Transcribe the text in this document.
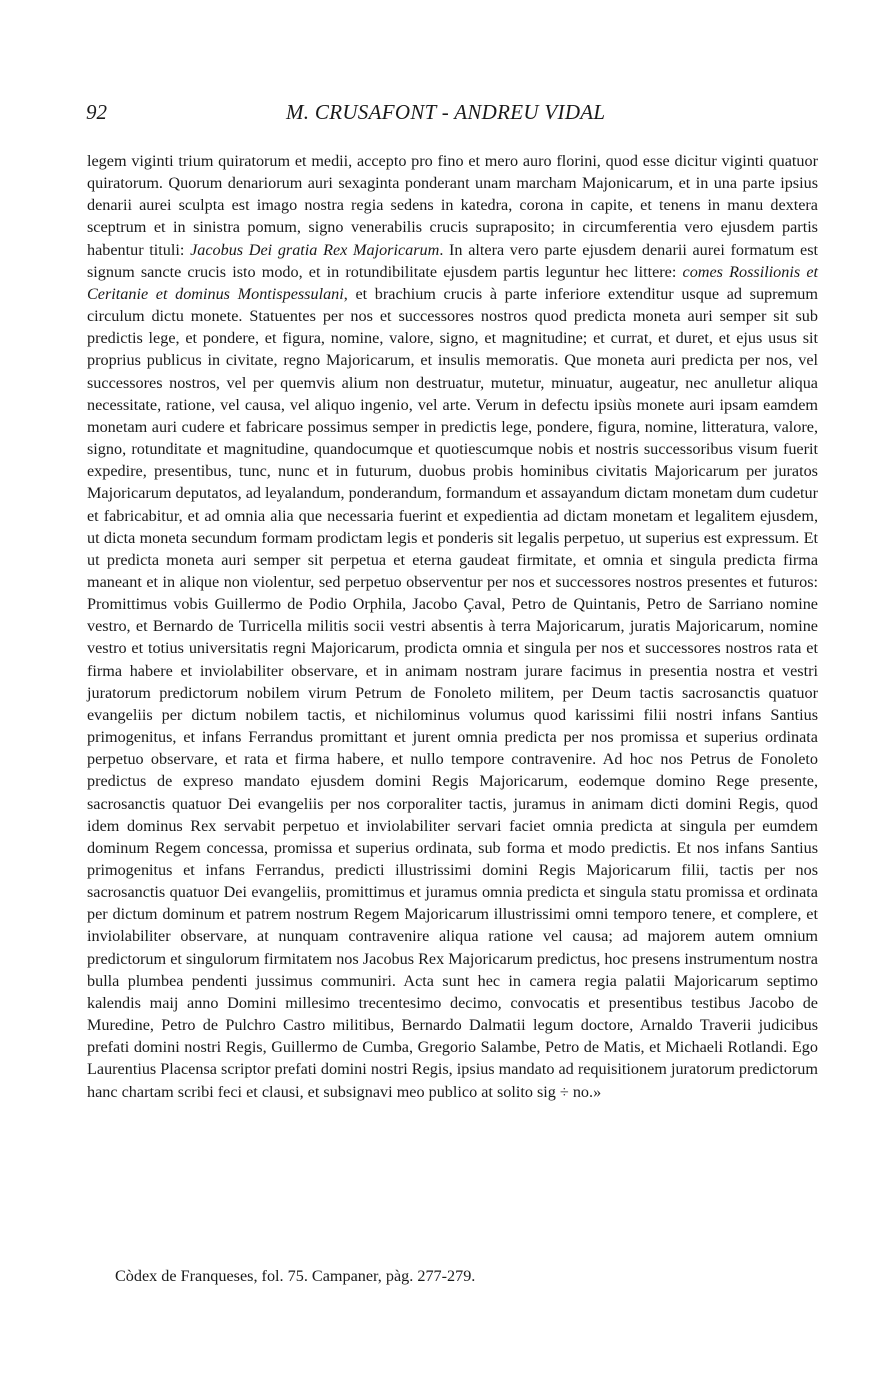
92	M. CRUSAFONT - ANDREU VIDAL

legem viginti trium quiratorum et medii, accepto pro fino et mero auro florini, quod esse dicitur viginti quatuor quiratorum. Quorum denariorum auri sexaginta ponderant unam marcham Majonicarum, et in una parte ipsius denarii aurei sculpta est imago nostra regia sedens in katedra, corona in capite, et tenens in manu dextera sceptrum et in sinistra pomum, signo venerabilis crucis supraposito; in circumferentia vero ejusdem partis habentur tituli: Jacobus Dei gratia Rex Majoricarum. In altera vero parte ejusdem denarii aurei formatum est signum sancte crucis isto modo, et in rotundibilitate ejusdem partis leguntur hec littere: comes Rossilionis et Ceritanie et dominus Montispessulani, et brachium crucis à parte inferiore extenditur usque ad supremum circulum dictu monete. Statuentes per nos et successores nostros quod predicta moneta auri semper sit sub predictis lege, et pondere, et figura, nomine, valore, signo, et magnitudine; et currat, et duret, et ejus usus sit proprius publicus in civitate, regno Majoricarum, et insulis memoratis. Que moneta auri predicta per nos, vel successores nostros, vel per quemvis alium non destruatur, mutetur, minuatur, augeatur, nec anulletur aliqua necessitate, ratione, vel causa, vel aliquo ingenio, vel arte. Verum in defectu ipsiùs monete auri ipsam eamdem monetam auri cudere et fabricare possimus semper in predictis lege, pondere, figura, nomine, litteratura, valore, signo, rotunditate et magnitudine, quandocumque et quotiescumque nobis et nostris successoribus visum fuerit expedire, presentibus, tunc, nunc et in futurum, duobus probis hominibus civitatis Majoricarum per juratos Majoricarum deputatos, ad leyalandum, ponderandum, formandum et assayandum dictam monetam dum cudetur et fabricabitur, et ad omnia alia que necessaria fuerint et expedientia ad dictam monetam et legalitem ejusdem, ut dicta moneta secundum formam prodictam legis et ponderis sit legalis perpetuo, ut superius est expressum. Et ut predicta moneta auri semper sit perpetua et eterna gaudeat firmitate, et omnia et singula predicta firma maneant et in alique non violentur, sed perpetuo observentur per nos et successores nostros presentes et futuros: Promittimus vobis Guillermo de Podio Orphila, Jacobo Çaval, Petro de Quintanis, Petro de Sarriano nomine vestro, et Bernardo de Turricella militis socii vestri absentis à terra Majoricarum, juratis Majoricarum, nomine vestro et totius universitatis regni Majoricarum, prodicta omnia et singula per nos et successores nostros rata et firma habere et inviolabiliter observare, et in animam nostram jurare facimus in presentia nostra et vestri juratorum predictorum nobilem virum Petrum de Fonoleto militem, per Deum tactis sacrosanctis quatuor evangeliis per dictum nobilem tactis, et nichilominus volumus quod karissimi filii nostri infans Santius primogenitus, et infans Ferrandus promittant et jurent omnia predicta per nos promissa et superius ordinata perpetuo observare, et rata et firma habere, et nullo tempore contravenire. Ad hoc nos Petrus de Fonoleto predictus de expreso mandato ejusdem domini Regis Majoricarum, eodemque domino Rege presente, sacrosanctis quatuor Dei evangeliis per nos corporaliter tactis, juramus in animam dicti domini Regis, quod idem dominus Rex servabit perpetuo et inviolabiliter servari faciet omnia predicta at singula per eumdem dominum Regem concessa, promissa et superius ordinata, sub forma et modo predictis. Et nos infans Santius primogenitus et infans Ferrandus, predicti illustrissimi domini Regis Majoricarum filii, tactis per nos sacrosanctis quatuor Dei evangeliis, promittimus et juramus omnia predicta et singula statu promissa et ordinata per dictum dominum et patrem nostrum Regem Majoricarum illustrissimi omni temporo tenere, et complere, et inviolabiliter observare, at nunquam contravenire aliqua ratione vel causa; ad majorem autem omnium predictorum et singulorum firmitatem nos Jacobus Rex Majoricarum predictus, hoc presens instrumentum nostra bulla plumbea pendenti jussimus communiri. Acta sunt hec in camera regia palatii Majoricarum septimo kalendis maij anno Domini millesimo trecentesimo decimo, convocatis et presentibus testibus Jacobo de Muredine, Petro de Pulchro Castro militibus, Bernardo Dalmatii legum doctore, Arnaldo Traverii judicibus prefati domini nostri Regis, Guillermo de Cumba, Gregorio Salambe, Petro de Matis, et Michaeli Rotlandi. Ego Laurentius Placensa scriptor prefati domini nostri Regis, ipsius mandato ad requisitionem juratorum predictorum hanc chartam scribi feci et clausi, et subsignavi meo publico at solito sig ÷ no.»

Còdex de Franqueses, fol. 75. Campaner, pàg. 277-279.
